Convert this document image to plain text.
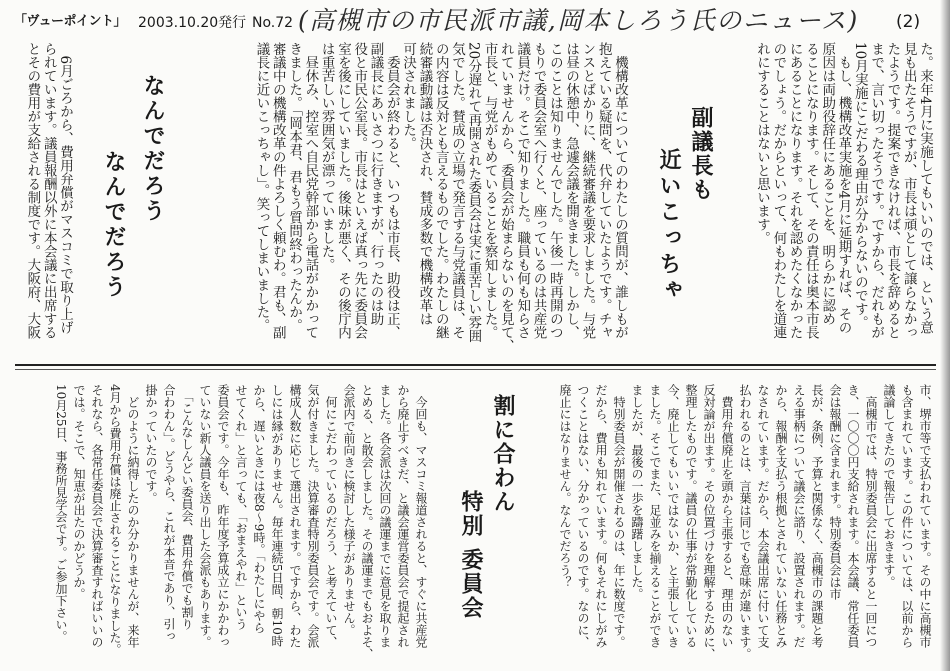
「ヴューポイント」 2003.10.20発行 No.72 (高槻市の市民派市議,岡本しろう氏のニュース) (2)
た。来年4月に実施してもいいのでは、という意
見も出たそうですが、市長は頑として譲らなかっ
たようです。提案できなければ、市長を辞めると
まで、言い切ったそうです。ですから、だれもが
10月実施にこだわる理由が分からないのです。
　もし、機構改革実施を4月に延期すれば、その
原因は両助役辞任にあることを、明らかに認め
ることになります。そして、その責任は奥本市長
にあることになります。それを認めたくなかった
のでしょう。だからといって、何もわたしを道連
れにすることはないと思います。
副議長も
近いこっちゃ
　機構改革についてのわたしの質問が、誰しもが
抱えている疑問を、代弁していたようです。チャ
ンスとばかりに、継続審議を要求しました。与党
は昼の休憩中、急遽会議を開きました。しかし、
このことは知りませんでした。午後一時再開のつ
もりで委員会室へ行くと、座っているのは共産党
議員だけ。そこで知りました。職員も何も知らさ
れていませんから、委員会が始まらないのを見て、
市長と、与党がもめていることを察知しました。
20分遅れて再開された委員会は実に重苦しい雰囲
気でした。賛成の立場で発言する与党議員は、そ
の内容は反対とも言えるものでした。わたしの継
続審議動議は否決され、賛成多数で機構改革は
可決されました。
　委員会が終わると、いつもは市長、助役は正、
副議長にあいさつに行きますが、行ったのは助
役と市民公室長。市長はといえば真っ先に委員会
室を後にしていました。後味が悪く、その後庁内
は重苦しい雰囲気が漂っていました。
　昼休み、控室へ自民党幹部から電話がかかって
きました。「岡本君、君もう質問終わったんか。
審議中の機構改革の件よろしく頼むわ。君も、副
議長に近いこっちゃし」。笑ってしまいました。
なんでだろう
なんでだろう
　6月ごろから、費用弁償がマスコミで取り上げ
られています。議員報酬以外に本会議に出席する
とその費用が支給される制度です。大阪府、大阪
市、堺市等で支払われています。その中に高槻市
も含まれています。この件については、以前から
議論してきたので報告しておきます。
　高槻市では、特別委員会に出席すると一回につ
き、一〇〇〇円支給されます。本会議、常任委員
会は報酬に含まれます。特別委員会は市
長が、条例、予算と関係なく、高槻市の課題と考
える事柄について議会に諮り、設置されます。だ
から、報酬を支払う根拠とされていない任務とみ
なされています。だから、本会議出席に付いて支
払われるのとは、言葉は同じでも意味が違います。
　費用弁償廃止を頭から主張すると、理由のない
反対論が出ます。その位置づけを理解するために、
整理したものです。議員の仕事が常勤化している
今、廃止してもいいではないか、と主張していき
ました。そこでまた、足並みを揃えることができ
ましたが、最後の一歩を躊躇しました。
　特別委員会が開催されるのは、年に数度です。
だから、費用も知れています。何もそれにしがみ
つくことはない、分かっているのです。なのに、
廃止にはなりません。なんでだろう？
割に合わん
特別委員会
　今回も、マスコミ報道されると、すぐに共産党
から廃止すべきだ、と議会運営委員会で提起され
ました。各会派は次回の議運までに意見を取りま
とめる、と散会しました。その議運までもおよそ、
会派内で前向きに検討した様子がありません。
　何にこだわっているのだろう、と考えていて、
気が付きました。決算審査特別委員会です。会派
構成人数に応じて選出されます。ですから、わた
しには縁がありません。毎年連続5日間、朝10時
から、遅いときには夜8〜9時。「わたしにやら
せてくれ」と言っても、「おまえやれ」という
委員会です。今年も、昨年度予算成立にかかわっ
ていない新人議員を送り出した会派もあります。
　「こんなしんどい委員会、費用弁償でも割り
合わわん」。どうやら、これが本音であり、引っ
掛かっていたのです。
　どのように納得したのか分かりませんが、来年
4月から費用弁償は廃止されることになりました。
それなら、各常任委員会で決算審査すればいいの
では。そこで、知恵が出たのかどうか。
10月25日、事務所見学会です。ご参加下さい。
